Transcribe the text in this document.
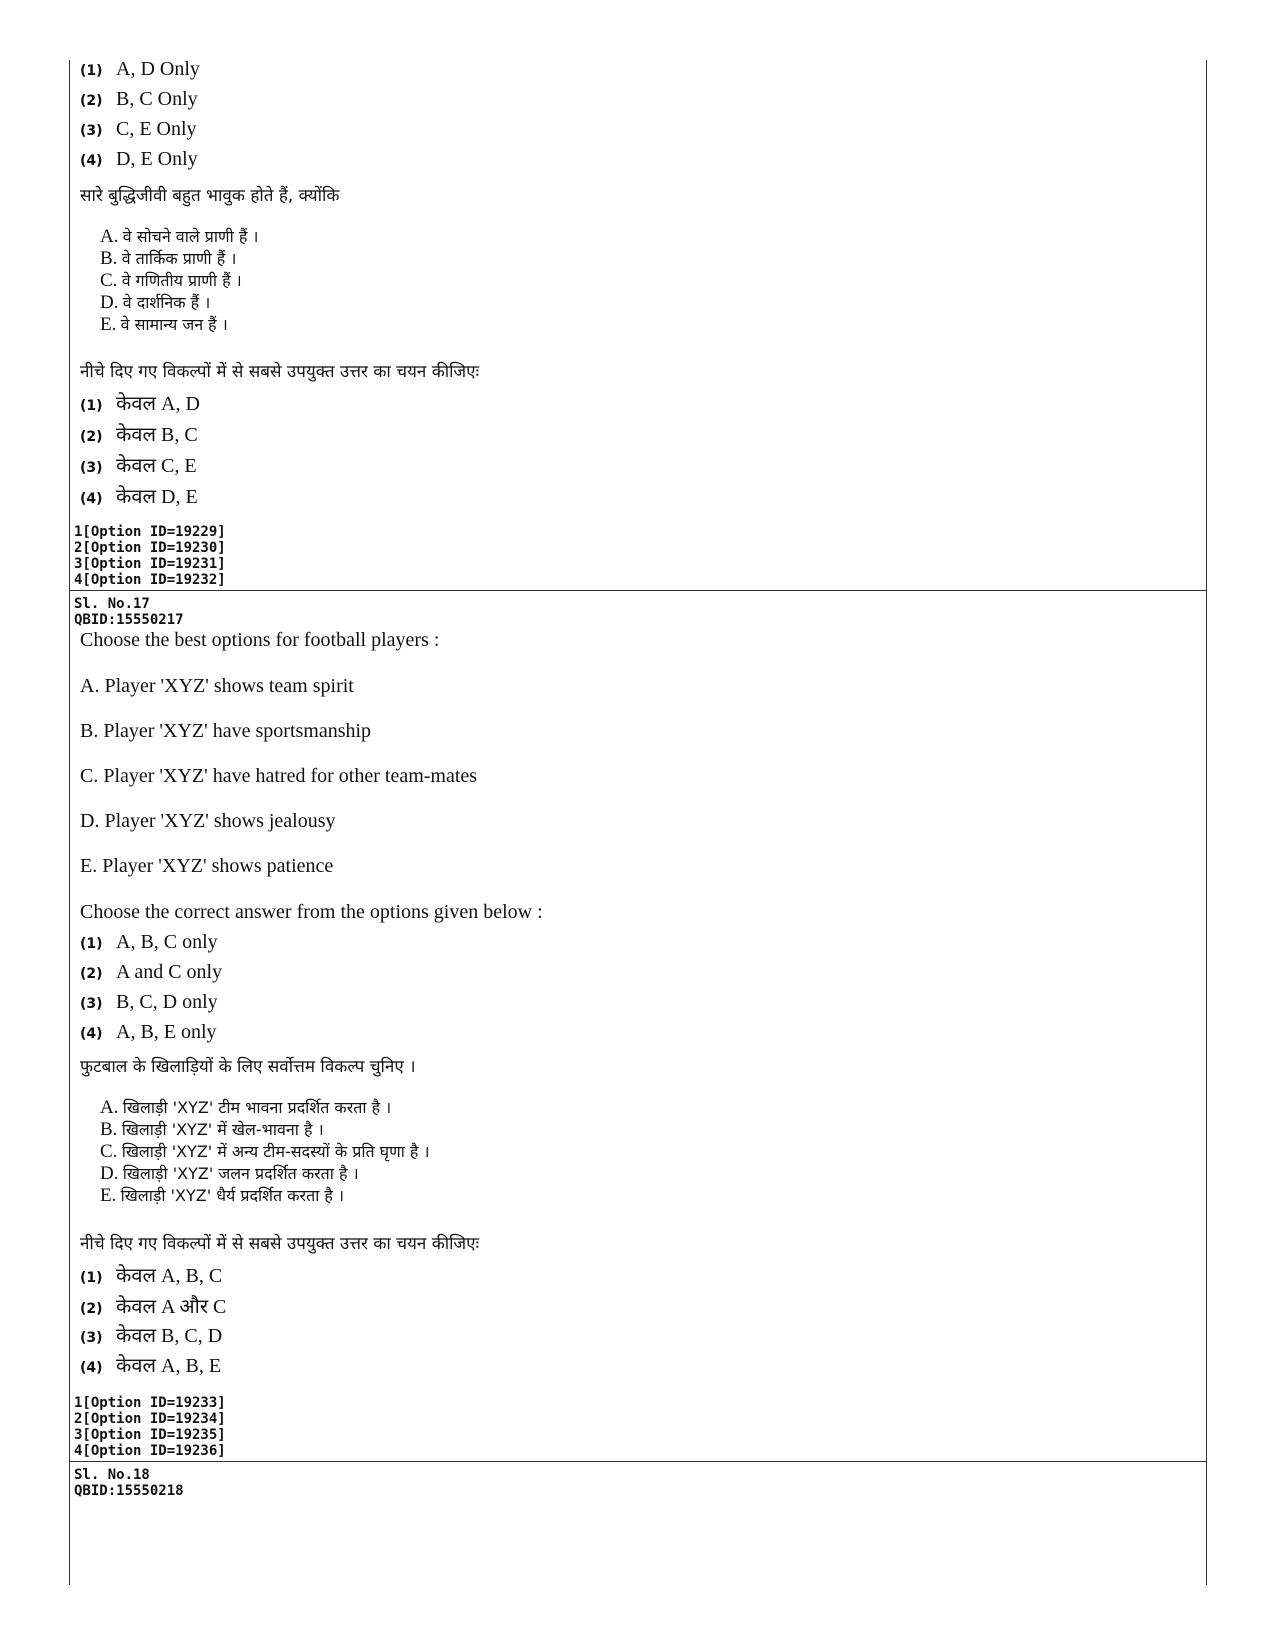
(1) A, D Only
(2) B, C Only
(3) C, E Only
(4) D, E Only
सारे बुद्धिजीवी बहुत भावुक होते हैं, क्योंकि
A. वे सोचने वाले प्राणी हैं ।
B. वे तार्किक प्राणी हैं ।
C. वे गणितीय प्राणी हैं ।
D. वे दार्शनिक हैं ।
E. वे सामान्य जन हैं ।
नीचे दिए गए विकल्पों में से सबसे उपयुक्त उत्तर का चयन कीजिएः
(1) केवल A, D
(2) केवल B, C
(3) केवल C, E
(4) केवल D, E
1[Option ID=19229]
2[Option ID=19230]
3[Option ID=19231]
4[Option ID=19232]
Sl. No.17
QBID:15550217
Choose the best options for football players :
A. Player 'XYZ' shows team spirit
B. Player 'XYZ' have sportsmanship
C. Player 'XYZ' have hatred for other team-mates
D. Player 'XYZ' shows jealousy
E. Player 'XYZ' shows patience
Choose the correct answer from the options given below :
(1) A, B, C only
(2) A and C only
(3) B, C, D only
(4) A, B, E only
फुटबाल के खिलाड़ियों के लिए सर्वोत्तम विकल्प चुनिए ।
A. खिलाड़ी 'XYZ' टीम भावना प्रदर्शित करता है ।
B. खिलाड़ी 'XYZ' में खेल-भावना है ।
C. खिलाड़ी 'XYZ' में अन्य टीम-सदस्यों के प्रति घृणा है ।
D. खिलाड़ी 'XYZ' जलन प्रदर्शित करता है ।
E. खिलाड़ी 'XYZ' धैर्य प्रदर्शित करता है ।
नीचे दिए गए विकल्पों में से सबसे उपयुक्त उत्तर का चयन कीजिएः
(1) केवल A, B, C
(2) केवल A और C
(3) केवल B, C, D
(4) केवल A, B, E
1[Option ID=19233]
2[Option ID=19234]
3[Option ID=19235]
4[Option ID=19236]
Sl. No.18
QBID:15550218
